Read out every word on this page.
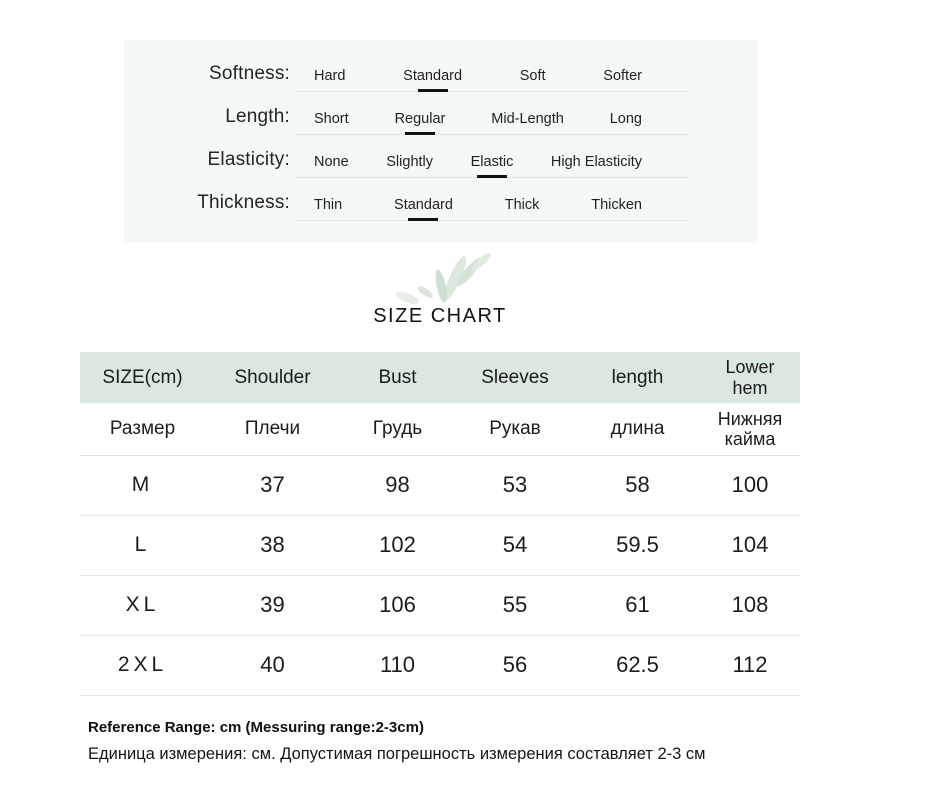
Softness: Hard	Standard	Soft	Softer
Length: Short	Regular	Mid-Length	Long
Elasticity: None	Slightly	Elastic	High Elasticity
Thickness: Thin	Standard	Thick	Thicken
SIZE CHART
SIZE(cm)	Shoulder	Bust	Sleeves	length	Lower hem
Размер	Плечи	Грудь	Рукав	длина	Нижняя кайма
M	37	98	53	58	100
L	38	102	54	59.5	104
XL	39	106	55	61	108
2XL	40	110	56	62.5	112

Reference Range: cm (Messuring range:2-3cm)

Единица измерения: см. Допустимая погрешность измерения составляет 2-3 см
